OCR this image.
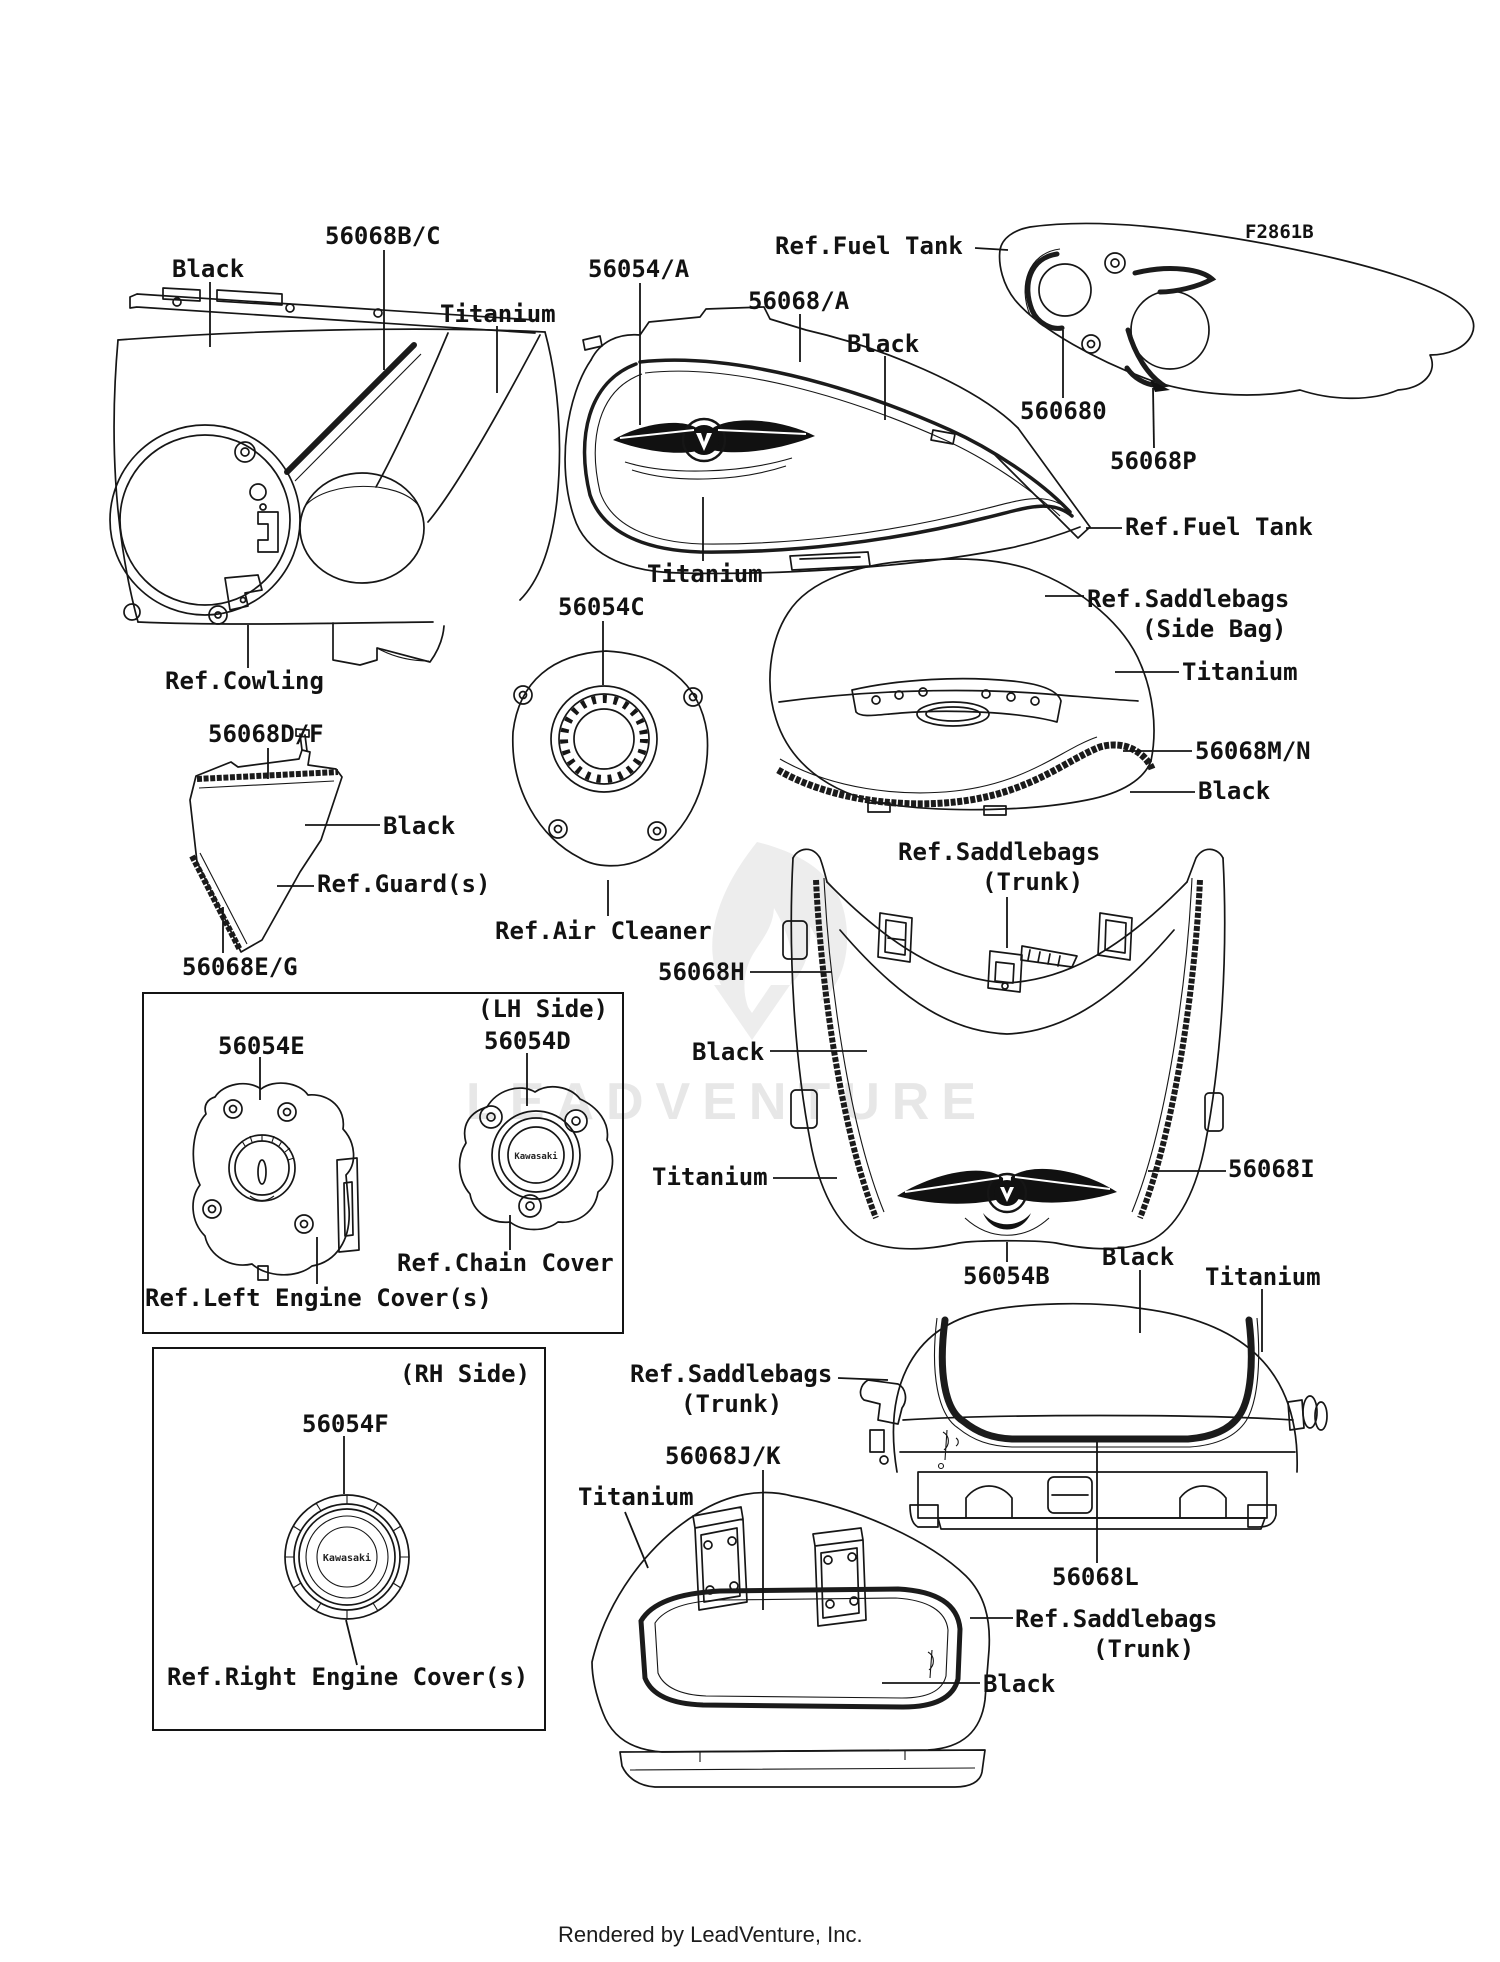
LEADVENTURE
Kawasaki
Kawasaki
Black
56068B/C
Titanium
Ref.Cowling
56054/A
Ref.Fuel Tank
56068/A
Black
Titanium
F2861B
560680
56068P
Ref.Fuel Tank
56068D/F
Black
Ref.Guard(s)
56068E/G
56054C
Ref.Air Cleaner
Ref.Saddlebags
(Side Bag)
Titanium
56068M/N
Black
Ref.Saddlebags
(Trunk)
56068H
Black
Titanium	56068I
56054B
Black
Titanium
56068L
Ref.Saddlebags
(Trunk)
56068J/K
Titanium
Ref.Saddlebags
(Trunk)
Black
(LH Side)
56054E	56054D
Ref.Chain Cover
Ref.Left Engine Cover(s)
(RH Side)
56054F
Ref.Right Engine Cover(s)
Rendered by LeadVenture, Inc.
